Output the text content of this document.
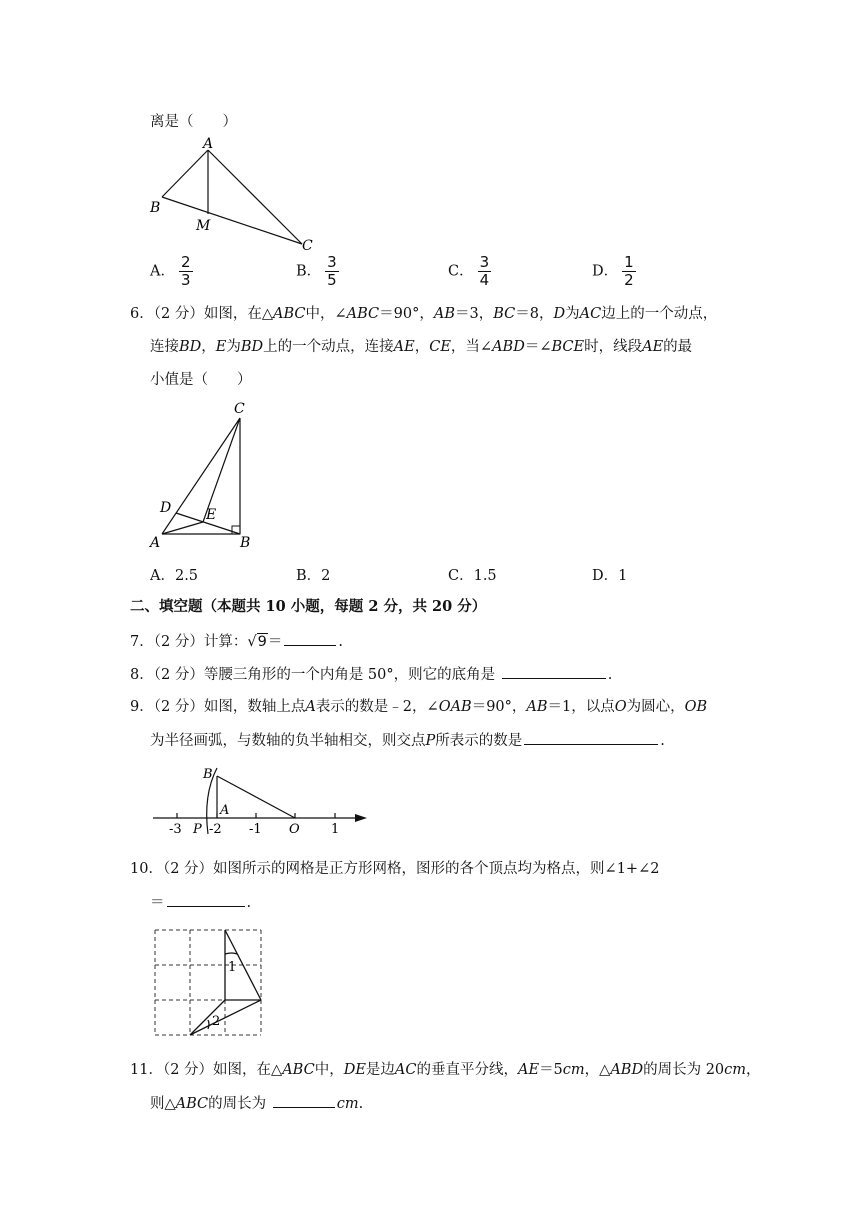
离是（　　）
A
B
M
C
A． $\frac{2}{3}$	B． $\frac{3}{5}$	C． $\frac{3}{4}$	D． $\frac{1}{2}$
6．（2 分）如图，在△ABC中，∠ABC＝90°，AB＝3，BC＝8，D为AC边上的一个动点，
连接BD，E为BD上的一个动点，连接AE，CE，当∠ABD＝∠BCE时，线段AE的最
小值是（　　）
C
D E
A	B
A．2.5	B．2	C．1.5	D．1
二、填空题（本题共 10 小题，每题 2 分，共 20 分）
7．（2 分）计算：√9＝	.
8．（2 分）等腰三角形的一个内角是 50°，则它的底角是	.
9．（2 分）如图，数轴上点A表示的数是﹣2，∠OAB＝90°，AB＝1，以点O为圆心，OB
为半径画弧，与数轴的负半轴相交，则交点P所表示的数是	.
B
A
-3 P -2 -1 O 1
10．（2 分）如图所示的网格是正方形网格，图形的各个顶点均为格点，则∠1+∠2
＝	.
1
2
11．（2 分）如图，在△ABC中，DE是边AC的垂直平分线，AE＝5cm，△ABD的周长为 20cm，
则△ABC的周长为	cm.
